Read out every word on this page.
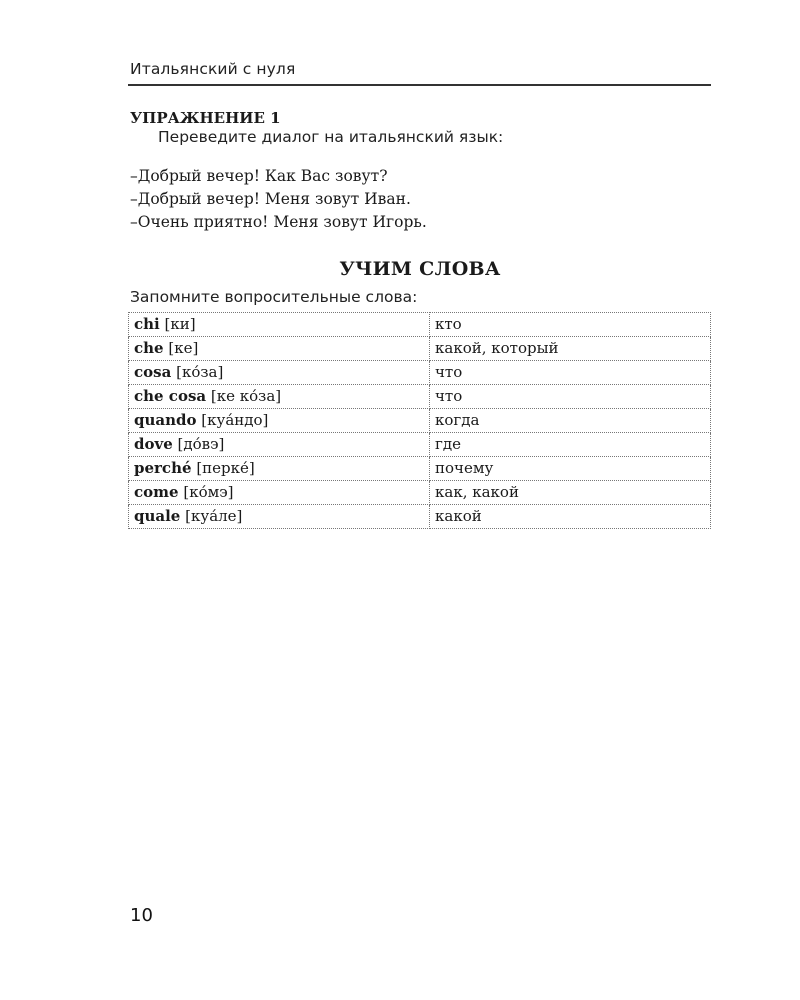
Итальянский с нуля
УПРАЖНЕНИЕ 1
Переведите диалог на итальянский язык:
–Добрый вечер! Как Вас зовут?
–Добрый вечер! Меня зовут Иван.
–Очень приятно! Меня зовут Игорь.
УЧИМ СЛОВА
Запомните вопросительные слова:
chi [ки]	кто
che [ке]	какой, который
cosa [ко́за]	что
che cosa [ке ко́за]	что
quando [куа́ндо]	когда
dove [до́вэ]	где
perché [перке́]	почему
come [ко́мэ]	как, какой
quale [куа́ле]	какой
10
